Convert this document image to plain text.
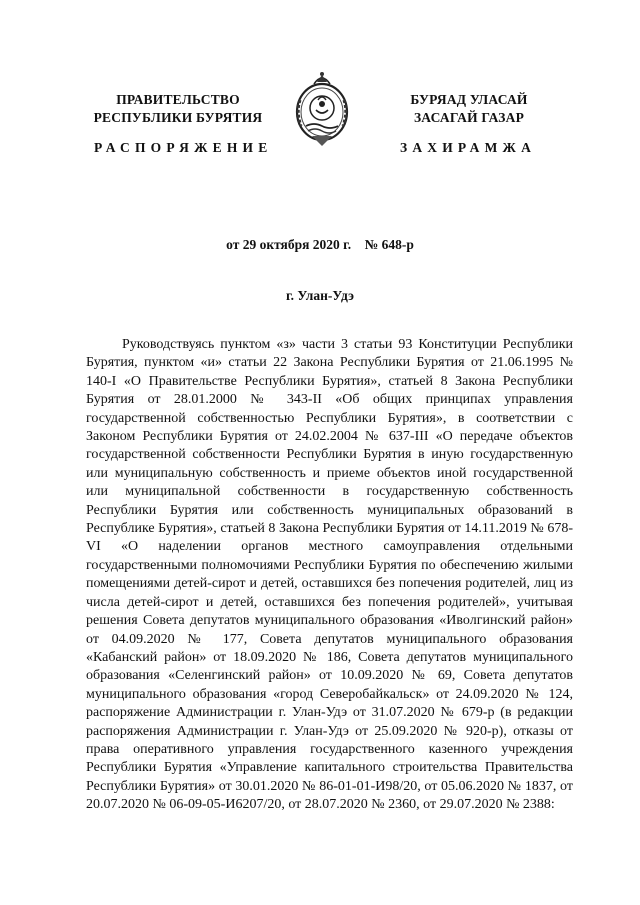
ПРАВИТЕЛЬСТВО
РЕСПУБЛИКИ БУРЯТИЯ
БУРЯАД УЛАСАЙ
ЗАСАГАЙ ГАЗАР
РАСПОРЯЖЕНИЕ	ЗАХИРАМЖА
от 29 октября 2020 г. № 648-р
г. Улан-Удэ
Руководствуясь пунктом «з» части 3 статьи 93 Конституции Республики Бурятия, пунктом «и» статьи 22 Закона Республики Бурятия от 21.06.1995 № 140-I «О Правительстве Республики Бурятия», статьей 8 Закона Республики Бурятия от 28.01.2000 № 343-II «Об общих принципах управления государственной собственностью Республики Бурятия», в соответствии с Законом Республики Бурятия от 24.02.2004 № 637-III «О передаче объектов государственной собственности Республики Бурятия в иную государственную или муниципальную собственность и приеме объектов иной государственной или муниципальной собственности в государственную собственность Республики Бурятия или собственность муниципальных образований в Республике Бурятия», статьей 8 Закона Республики Бурятия от 14.11.2019 № 678-VI «О наделении органов местного самоуправления отдельными государственными полномочиями Республики Бурятия по обеспечению жилыми помещениями детей-сирот и детей, оставшихся без попечения родителей, лиц из числа детей-сирот и детей, оставшихся без попечения родителей», учитывая решения Совета депутатов муниципального образования «Иволгинский район» от 04.09.2020 № 177, Совета депутатов муниципального образования «Кабанский район» от 18.09.2020 № 186, Совета депутатов муниципального образования «Селенгинский район» от 10.09.2020 № 69, Совета депутатов муниципального образования «город Северобайкальск» от 24.09.2020 № 124, распоряжение Администрации г. Улан-Удэ от 31.07.2020 № 679-р (в редакции распоряжения Администрации г. Улан-Удэ от 25.09.2020 № 920-р), отказы от права оперативного управления государственного казенного учреждения Республики Бурятия «Управление капитального строительства Правительства Республики Бурятия» от 30.01.2020 № 86-01-01-И98/20, от 05.06.2020 № 1837, от 20.07.2020 № 06-09-05-И6207/20, от 28.07.2020 № 2360, от 29.07.2020 № 2388:
